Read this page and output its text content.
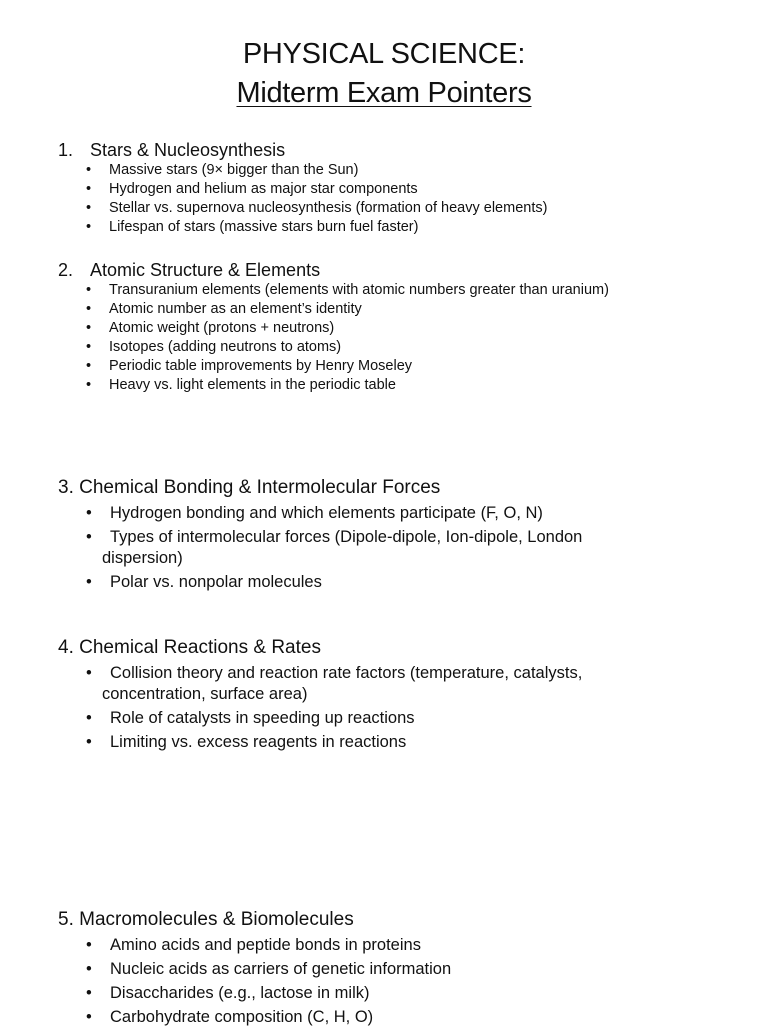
PHYSICAL SCIENCE:
Midterm Exam Pointers
1. Stars & Nucleosynthesis
• Massive stars (9× bigger than the Sun)
• Hydrogen and helium as major star components
• Stellar vs. supernova nucleosynthesis (formation of heavy elements)
• Lifespan of stars (massive stars burn fuel faster)
2. Atomic Structure & Elements
• Transuranium elements (elements with atomic numbers greater than uranium)
• Atomic number as an element’s identity
• Atomic weight (protons + neutrons)
• Isotopes (adding neutrons to atoms)
• Periodic table improvements by Henry Moseley
• Heavy vs. light elements in the periodic table
3. Chemical Bonding & Intermolecular Forces
• Hydrogen bonding and which elements participate (F, O, N)
• Types of intermolecular forces (Dipole-dipole, Ion-dipole, London
dispersion)
• Polar vs. nonpolar molecules
4. Chemical Reactions & Rates
• Collision theory and reaction rate factors (temperature, catalysts,
concentration, surface area)
• Role of catalysts in speeding up reactions
• Limiting vs. excess reagents in reactions
5. Macromolecules & Biomolecules
• Amino acids and peptide bonds in proteins
• Nucleic acids as carriers of genetic information
• Disaccharides (e.g., lactose in milk)
• Carbohydrate composition (C, H, O)
